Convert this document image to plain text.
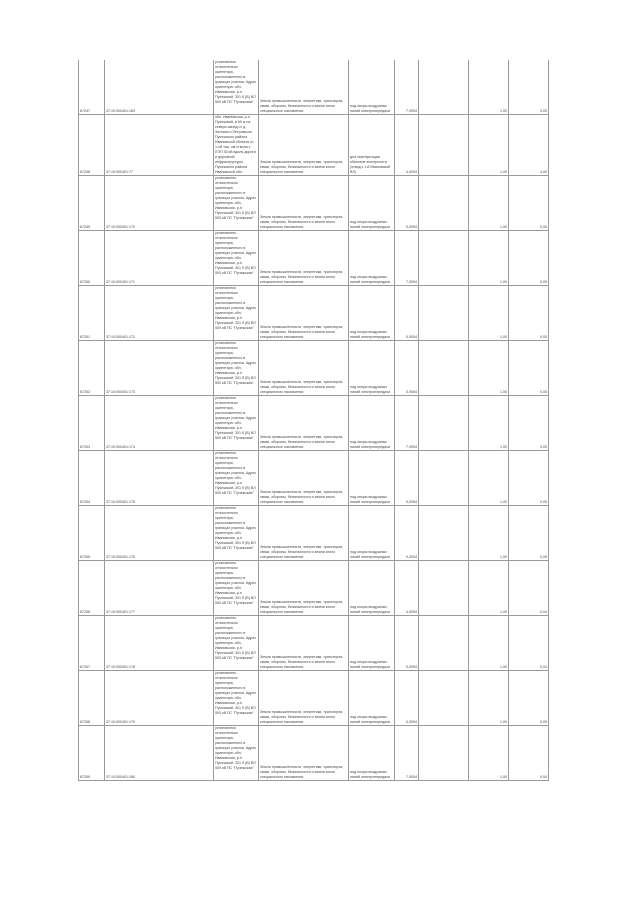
67247	37:10:000401:169	установлено относительно ориентира, расположенного в границах участка. Адрес ориентира: обл. Ивановская, р-н Пучежский, 301 б (В) ВЛ 500 кВ ПС "Пучежская"	Земли промышленности, энергетики, транспорта, связи, обороны, безопасности и земли иного специального назначения	под опоры воздушных линий электропередачи	7,0054		1,00	0,05
67248	37:10:000401:77	обл. Ивановская, р-н Пучежский, в 65 м на северо-запад от д. Затеиха и Петровское Пучежского района Ивановской области от 1-ой тыс. км ствола с ЛЭП 35 кВ вдоль дороги и дорожной инфраструктуры Пучежского района Ивановской обл.	Земли промышленности, энергетики, транспорта, связи, обороны, безопасности и земли иного специального назначения	для эксплуатации объектов электросети (отвод к 1-й Ивановской ВЛ)	4,0004		1,00	4,00
67249	37:10:000401:170	установлено относительно ориентира, расположенного в границах участка. Адрес ориентира: обл. Ивановская, р-н Пучежский, 301 б (В) ВЛ 500 кВ ПС "Пучежская"	Земли промышленности, энергетики, транспорта, связи, обороны, безопасности и земли иного специального назначения	под опоры воздушных линий электропередачи	0,0054		1,00	0,05
67250	37:10:000401:171	установлено относительно ориентира, расположенного в границах участка. Адрес ориентира: обл. Ивановская, р-н Пучежский, 301 б (В) ВЛ 500 кВ ПС "Пучежская"	Земли промышленности, энергетики, транспорта, связи, обороны, безопасности и земли иного специального назначения	под опоры воздушных линий электропередачи	7,0054		1,00	0,05
67251	37:10:000401:172	установлено относительно ориентира, расположенного в границах участка. Адрес ориентира: обл. Ивановская, р-н Пучежский, 301 б (В) ВЛ 500 кВ ПС "Пучежская"	Земли промышленности, энергетики, транспорта, связи, обороны, безопасности и земли иного специального назначения	под опоры воздушных линий электропередачи	0,0054		1,00	0,05
67252	37:10:000401:173	установлено относительно ориентира, расположенного в границах участка. Адрес ориентира: обл. Ивановская, р-н Пучежский, 301 б (В) ВЛ 500 кВ ПС "Пучежская"	Земли промышленности, энергетики, транспорта, связи, обороны, безопасности и земли иного специального назначения	под опоры воздушных линий электропередачи	0,0054		1,00	0,05
67253	37:10:000401:174	установлено относительно ориентира, расположенного в границах участка. Адрес ориентира: обл. Ивановская, р-н Пучежский, 301 б (В) ВЛ 500 кВ ПС "Пучежская"	Земли промышленности, энергетики, транспорта, связи, обороны, безопасности и земли иного специального назначения	под опоры воздушных линий электропередачи	7,0054		1,00	0,05
67254	37:10:000401:175	установлено относительно ориентира, расположенного в границах участка. Адрес ориентира: обл. Ивановская, р-н Пучежский, 301 б (В) ВЛ 500 кВ ПС "Пучежская"	Земли промышленности, энергетики, транспорта, связи, обороны, безопасности и земли иного специального назначения	под опоры воздушных линий электропередачи	0,0054		1,00	0,05
67255	37:10:000401:176	установлено относительно ориентира, расположенного в границах участка. Адрес ориентира: обл. Ивановская, р-н Пучежский, 301 б (В) ВЛ 500 кВ ПС "Пучежская"	Земли промышленности, энергетики, транспорта, связи, обороны, безопасности и земли иного специального назначения	под опоры воздушных линий электропередачи	0,0054		1,00	0,05
67256	37:10:000401:177	установлено относительно ориентира, расположенного в границах участка. Адрес ориентира: обл. Ивановская, р-н Пучежский, 301 б (В) ВЛ 500 кВ ПС "Пучежская"	Земли промышленности, энергетики, транспорта, связи, обороны, безопасности и земли иного специального назначения	под опоры воздушных линий электропередачи	4,0054		1,00	0,04
67257	37:10:000401:178	установлено относительно ориентира, расположенного в границах участка. Адрес ориентира: обл. Ивановская, р-н Пучежский, 301 б (В) ВЛ 500 кВ ПС "Пучежская"	Земли промышленности, энергетики, транспорта, связи, обороны, безопасности и земли иного специального назначения	под опоры воздушных линий электропередачи	0,0054		1,00	0,04
67258	37:10:000401:179	установлено относительно ориентира, расположенного в границах участка. Адрес ориентира: обл. Ивановская, р-н Пучежский, 301 б (В) ВЛ 500 кВ ПС "Пучежская"	Земли промышленности, энергетики, транспорта, связи, обороны, безопасности и земли иного специального назначения	под опоры воздушных линий электропередачи	0,0054		1,00	0,05
67259	37:10:000401:180	установлено относительно ориентира, расположенного в границах участка. Адрес ориентира: обл. Ивановская, р-н Пучежский, 301 б (В) ВЛ 500 кВ ПС "Пучежская"	Земли промышленности, энергетики, транспорта, связи, обороны, безопасности и земли иного специального назначения	под опоры воздушных линий электропередачи	7,0054		1,00	0,04
